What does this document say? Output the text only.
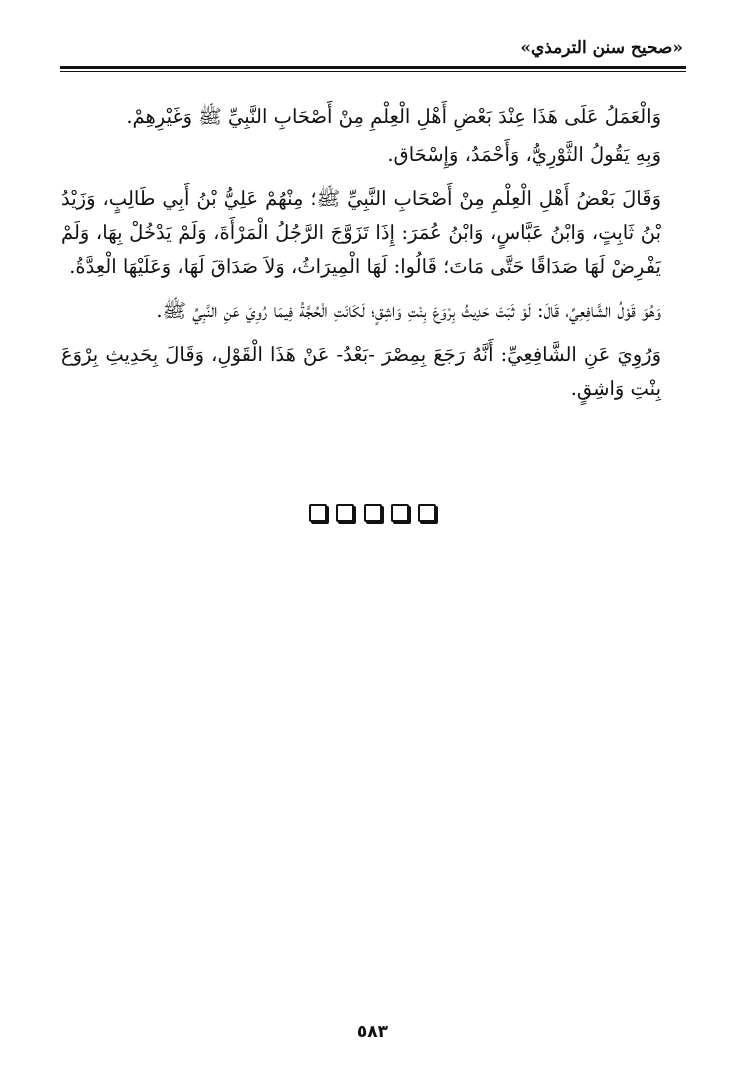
«صحيح سنن الترمذي»

وَالْعَمَلُ عَلَى هَذَا عِنْدَ بَعْضِ أَهْلِ الْعِلْمِ مِنْ أَصْحَابِ النَّبِيِّ ﷺ وَغَيْرِهِمْ.

وَبِهِ يَقُولُ الثَّوْرِيُّ، وَأَحْمَدُ، وَإِسْحَاق.

وَقَالَ بَعْضُ أَهْلِ الْعِلْمِ مِنْ أَصْحَابِ النَّبِيِّ ﷺ؛ مِنْهُمْ عَلِيُّ بْنُ أَبِي طَالِبٍ، وَزَيْدُ بْنُ ثَابِتٍ، وَابْنُ عَبَّاسٍ، وَابْنُ عُمَرَ: إِذَا تَزَوَّجَ الرَّجُلُ الْمَرْأَةَ، وَلَمْ يَدْخُلْ بِهَا، وَلَمْ يَفْرِضْ لَهَا صَدَاقًا حَتَّى مَاتَ؛ قَالُوا: لَهَا الْمِيرَاثُ، وَلاَ صَدَاقَ لَهَا، وَعَلَيْهَا الْعِدَّةُ.

وَهُوَ قَوْلُ الشَّافِعِيِّ، قَالَ: لَوْ ثَبَتَ حَدِيثُ بِرْوَعَ بِنْتِ وَاشِقٍ؛ لَكَانَتِ الْحُجَّةُ فِيمَا رُوِيَ عَنِ النَّبِيِّ ﷺ.

وَرُوِيَ عَنِ الشَّافِعِيِّ: أَنَّهُ رَجَعَ بِمِصْرَ -بَعْدُ- عَنْ هَذَا الْقَوْلِ، وَقَالَ بِحَدِيثِ بِرْوَعَ بِنْتِ وَاشِقٍ.

٥٨٣
